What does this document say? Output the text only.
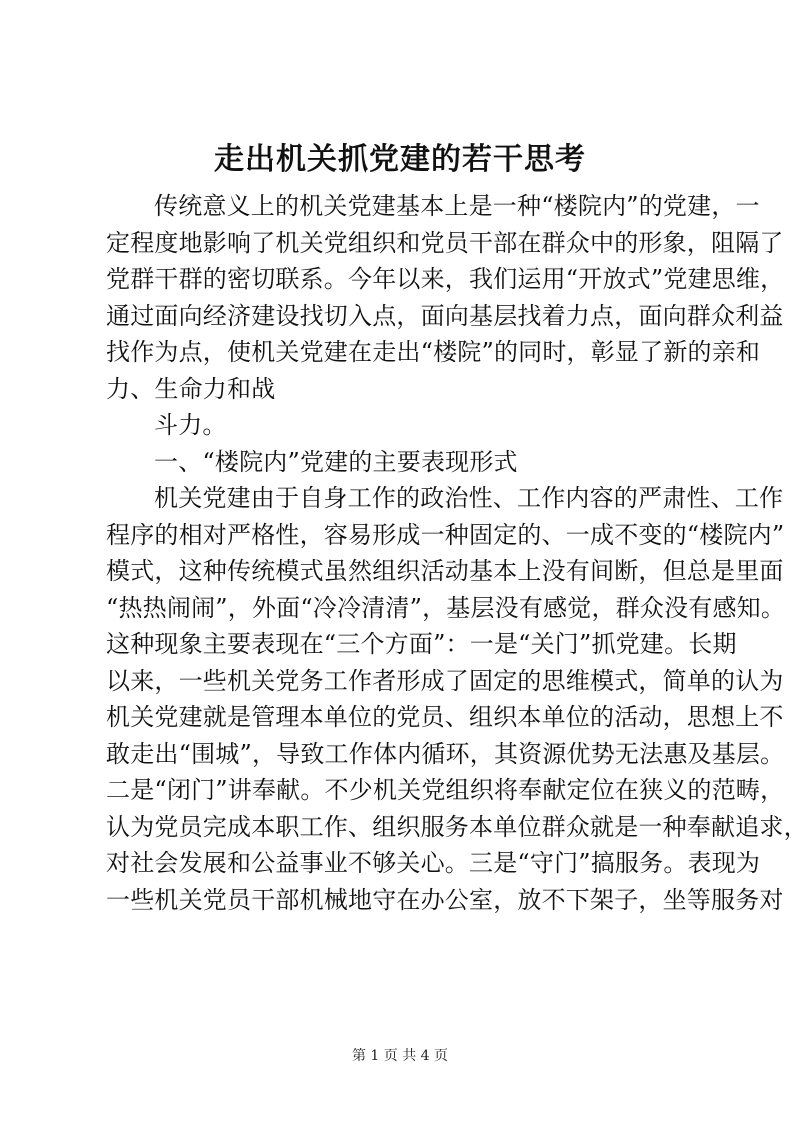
走出机关抓党建的若干思考
传统意义上的机关党建基本上是一种“楼院内”的党建，一
定程度地影响了机关党组织和党员干部在群众中的形象，阻隔了
党群干群的密切联系。今年以来，我们运用“开放式”党建思维，
通过面向经济建设找切入点，面向基层找着力点，面向群众利益
找作为点，使机关党建在走出“楼院”的同时，彰显了新的亲和
力、生命力和战
斗力。
一、“楼院内”党建的主要表现形式
机关党建由于自身工作的政治性、工作内容的严肃性、工作
程序的相对严格性，容易形成一种固定的、一成不变的“楼院内”
模式，这种传统模式虽然组织活动基本上没有间断，但总是里面
“热热闹闹”，外面“冷冷清清”，基层没有感觉，群众没有感知。
这种现象主要表现在“三个方面”：一是“关门”抓党建。长期
以来，一些机关党务工作者形成了固定的思维模式，简单的认为
机关党建就是管理本单位的党员、组织本单位的活动，思想上不
敢走出“围城”，导致工作体内循环，其资源优势无法惠及基层。
二是“闭门”讲奉献。不少机关党组织将奉献定位在狭义的范畴，
认为党员完成本职工作、组织服务本单位群众就是一种奉献追求，
对社会发展和公益事业不够关心。三是“守门”搞服务。表现为
一些机关党员干部机械地守在办公室，放不下架子，坐等服务对
第 1 页 共 4 页
